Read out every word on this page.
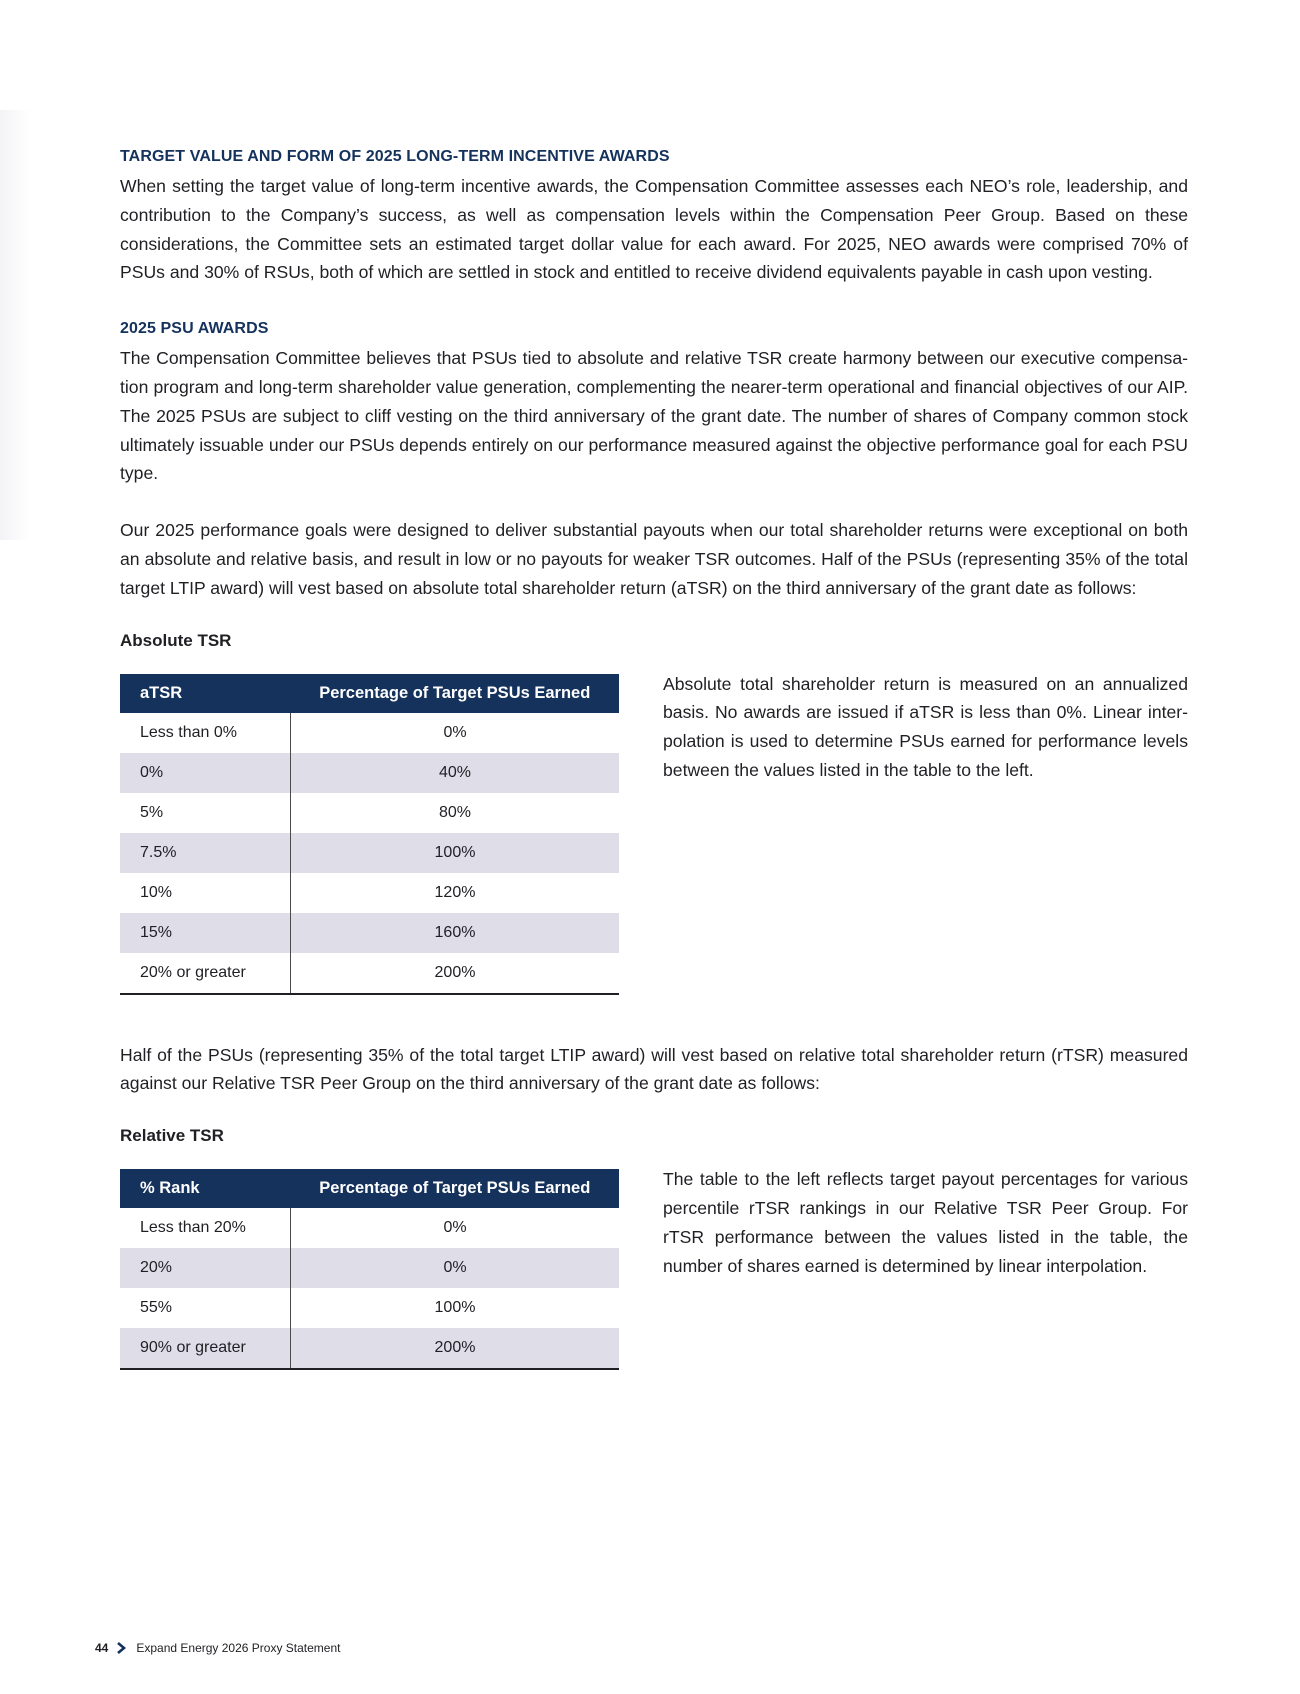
TARGET VALUE AND FORM OF 2025 LONG-TERM INCENTIVE AWARDS

When setting the target value of long-term incentive awards, the Compensation Committee assesses each NEO’s role, leadership, and contribution to the Company’s success, as well as compensation levels within the Compensation Peer Group. Based on these considerations, the Committee sets an estimated target dollar value for each award. For 2025, NEO awards were comprised 70% of PSUs and 30% of RSUs, both of which are settled in stock and entitled to receive dividend equivalents payable in cash upon vesting.

2025 PSU AWARDS

The Compensation Committee believes that PSUs tied to absolute and relative TSR create harmony between our executive compensa-tion program and long-term shareholder value generation, complementing the nearer-term operational and financial objectives of our AIP. The 2025 PSUs are subject to cliff vesting on the third anniversary of the grant date. The number of shares of Company common stock ultimately issuable under our PSUs depends entirely on our performance measured against the objective performance goal for each PSU type.

Our 2025 performance goals were designed to deliver substantial payouts when our total shareholder returns were exceptional on both an absolute and relative basis, and result in low or no payouts for weaker TSR outcomes. Half of the PSUs (representing 35% of the total target LTIP award) will vest based on absolute total shareholder return (aTSR) on the third anniversary of the grant date as follows:

Absolute TSR
aTSR	Percentage of Target PSUs Earned
Less than 0%	0%
0%	40%
5%	80%
7.5%	100%
10%	120%
15%	160%
20% or greater	200%

Absolute total shareholder return is measured on an annualized basis. No awards are issued if aTSR is less than 0%. Linear inter-polation is used to determine PSUs earned for performance levels between the values listed in the table to the left.

Half of the PSUs (representing 35% of the total target LTIP award) will vest based on relative total shareholder return (rTSR) measured against our Relative TSR Peer Group on the third anniversary of the grant date as follows:

Relative TSR
% Rank	Percentage of Target PSUs Earned
Less than 20%	0%
20%	0%
55%	100%
90% or greater	200%

The table to the left reflects target payout percentages for various percentile rTSR rankings in our Relative TSR Peer Group. For rTSR performance between the values listed in the table, the number of shares earned is determined by linear interpolation.

44 Expand Energy 2026 Proxy Statement
